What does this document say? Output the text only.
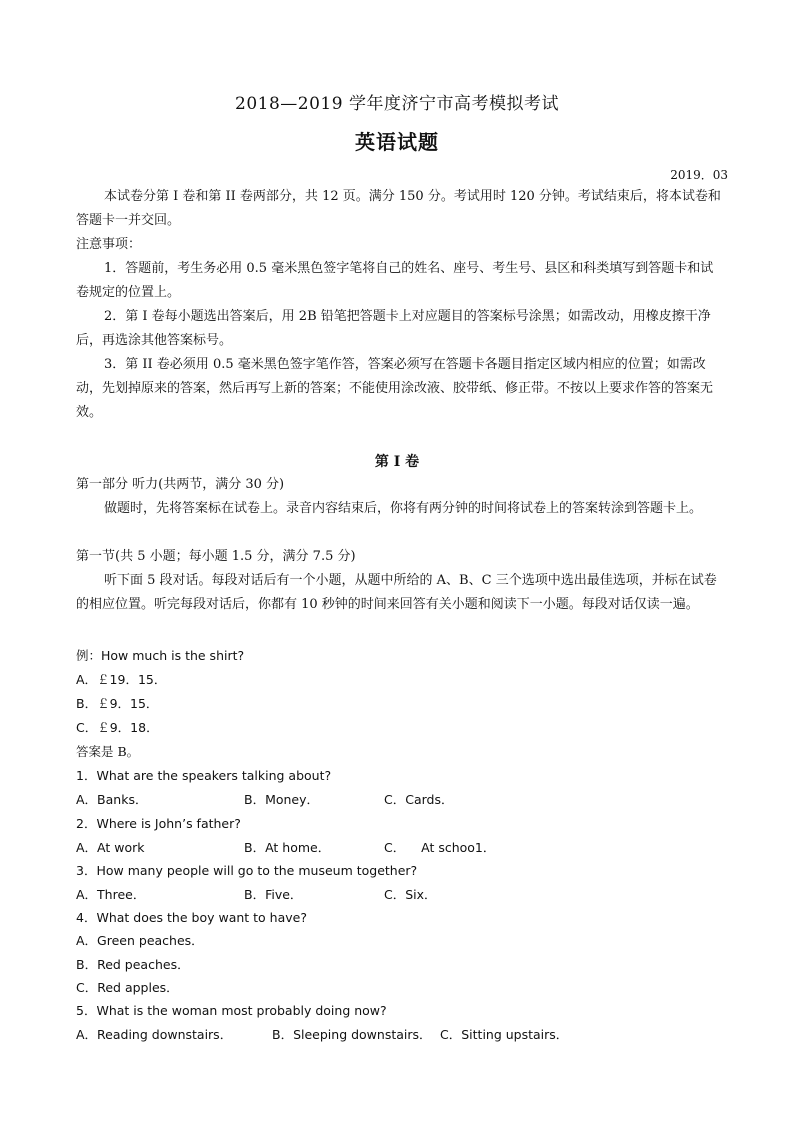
2018—2019 学年度济宁市高考模拟考试
英语试题
2019．03
本试卷分第 I 卷和第 II 卷两部分，共 12 页。满分 150 分。考试用时 120 分钟。考试结束后，将本试卷和答题卡一并交回。
注意事项：
1．答题前，考生务必用 0.5 毫米黑色签字笔将自己的姓名、座号、考生号、县区和科类填写到答题卡和试卷规定的位置上。
2．第 I 卷每小题选出答案后，用 2B 铅笔把答题卡上对应题目的答案标号涂黑；如需改动，用橡皮擦干净后，再选涂其他答案标号。
3．第 II 卷必须用 0.5 毫米黑色签字笔作答，答案必须写在答题卡各题目指定区域内相应的位置；如需改动，先划掉原来的答案，然后再写上新的答案；不能使用涂改液、胶带纸、修正带。不按以上要求作答的答案无效。
第 I 卷
第一部分 听力(共两节，满分 30 分)
做题时，先将答案标在试卷上。录音内容结束后，你将有两分钟的时间将试卷上的答案转涂到答题卡上。
第一节(共 5 小题；每小题 1.5 分，满分 7.5 分)
听下面 5 段对话。每段对话后有一个小题，从题中所给的 A、B、C 三个选项中选出最佳选项，并标在试卷的相应位置。听完每段对话后，你都有 10 秒钟的时间来回答有关小题和阅读下一小题。每段对话仅读一遍。
例：How much is the shirt?
A．￡19．15．
B．￡9．15．
C．￡9．18．
答案是 B。
1．What are the speakers talking about?
A．Banks．	B．Money．	C．Cards．
2．Where is John’s father?
A．At work	B．At home．	C．    At schoo1．
3．How many people will go to the museum together?
A．Three．	B．Five．	C．Six．
4．What does the boy want to have?
A．Green peaches．
B．Red peaches．
C．Red apples．
5．What is the woman most probably doing now?
A．Reading downstairs．	B．Sleeping downstairs． C．Sitting upstairs．
